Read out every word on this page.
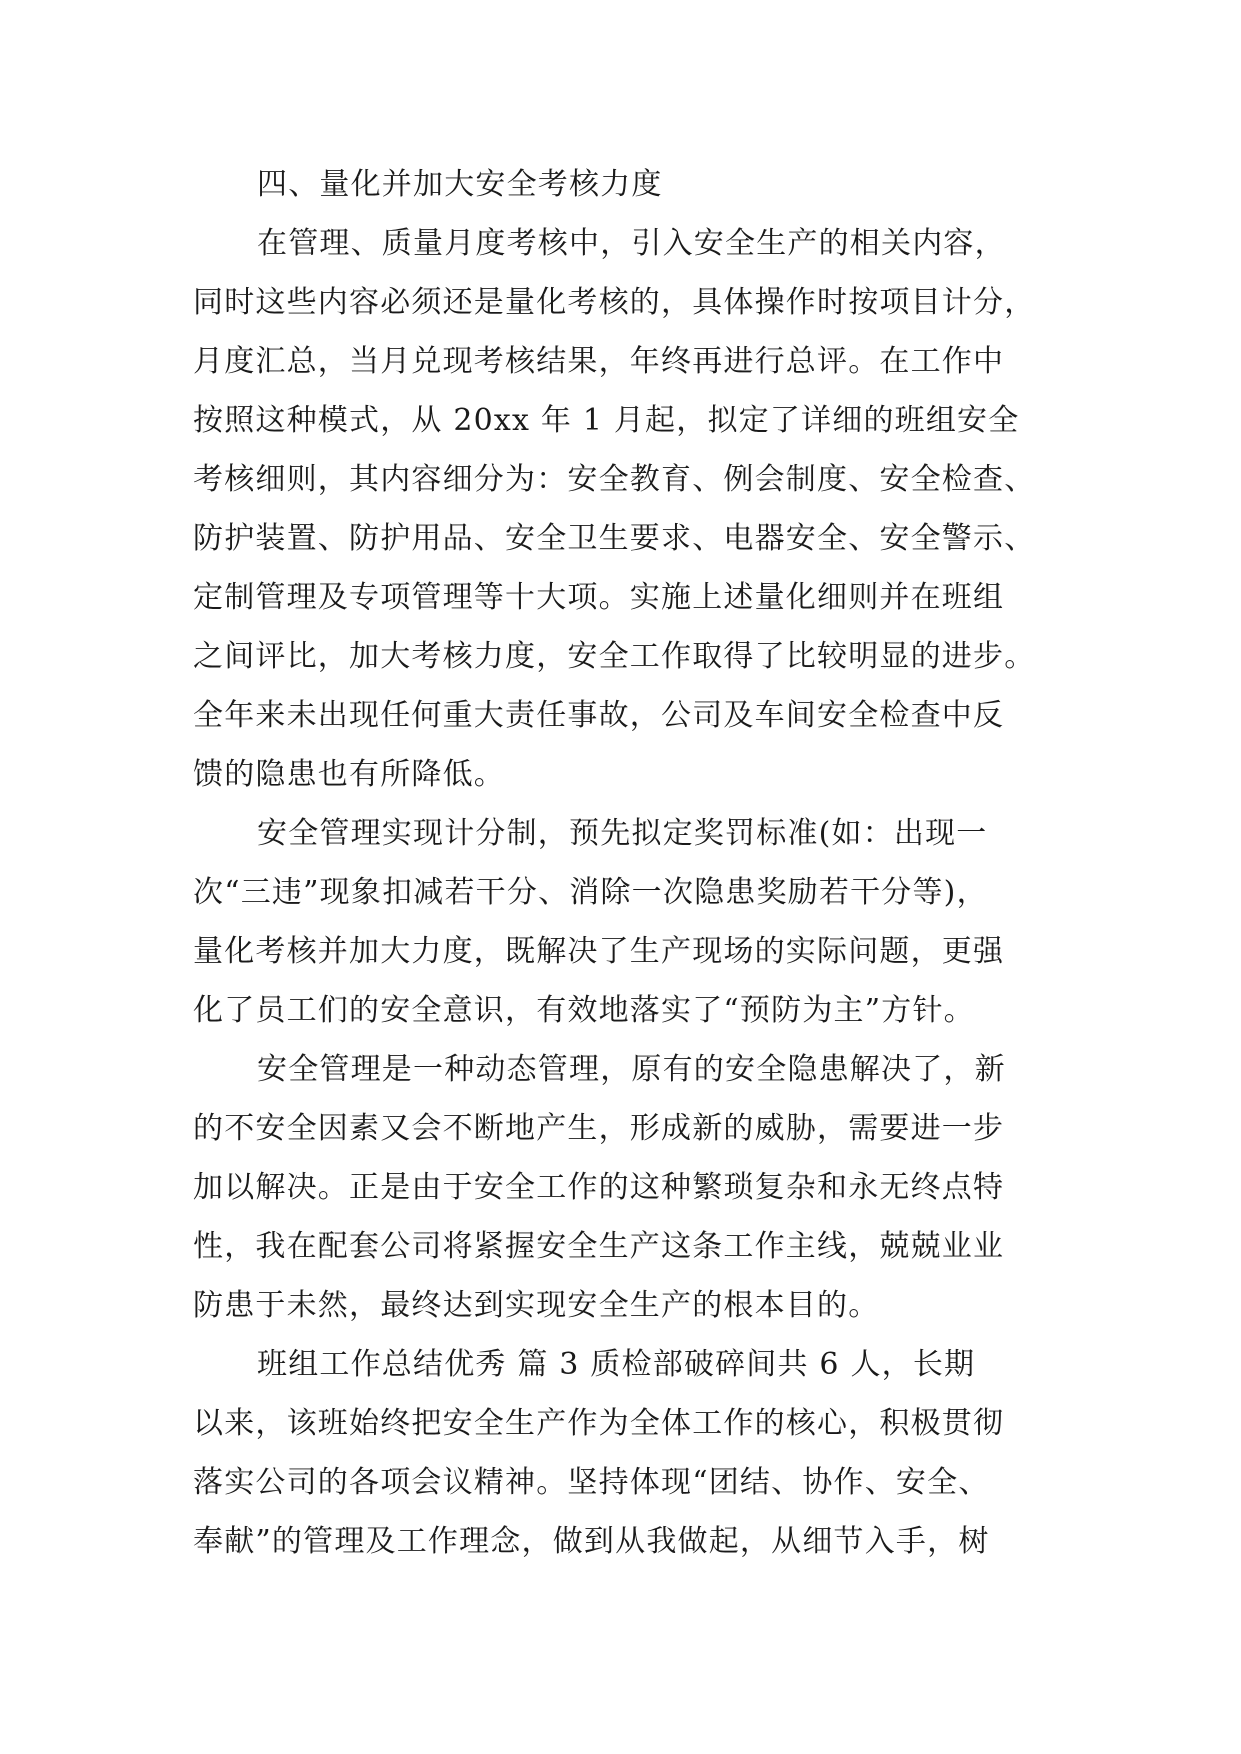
四、量化并加大安全考核力度
在管理、质量月度考核中，引入安全生产的相关内容，
同时这些内容必须还是量化考核的，具体操作时按项目计分，
月度汇总，当月兑现考核结果，年终再进行总评。在工作中
按照这种模式，从 20xx 年 1 月起，拟定了详细的班组安全
考核细则，其内容细分为：安全教育、例会制度、安全检查、
防护装置、防护用品、安全卫生要求、电器安全、安全警示、
定制管理及专项管理等十大项。实施上述量化细则并在班组
之间评比，加大考核力度，安全工作取得了比较明显的进步。
全年来未出现任何重大责任事故，公司及车间安全检查中反
馈的隐患也有所降低。
安全管理实现计分制，预先拟定奖罚标准(如：出现一
次“三违”现象扣减若干分、消除一次隐患奖励若干分等)，
量化考核并加大力度，既解决了生产现场的实际问题，更强
化了员工们的安全意识，有效地落实了“预防为主”方针。
安全管理是一种动态管理，原有的安全隐患解决了，新
的不安全因素又会不断地产生，形成新的威胁，需要进一步
加以解决。正是由于安全工作的这种繁琐复杂和永无终点特
性，我在配套公司将紧握安全生产这条工作主线，兢兢业业
防患于未然，最终达到实现安全生产的根本目的。
班组工作总结优秀 篇 3 质检部破碎间共 6 人，长期
以来，该班始终把安全生产作为全体工作的核心，积极贯彻
落实公司的各项会议精神。坚持体现“团结、协作、安全、
奉献”的管理及工作理念，做到从我做起，从细节入手，树
